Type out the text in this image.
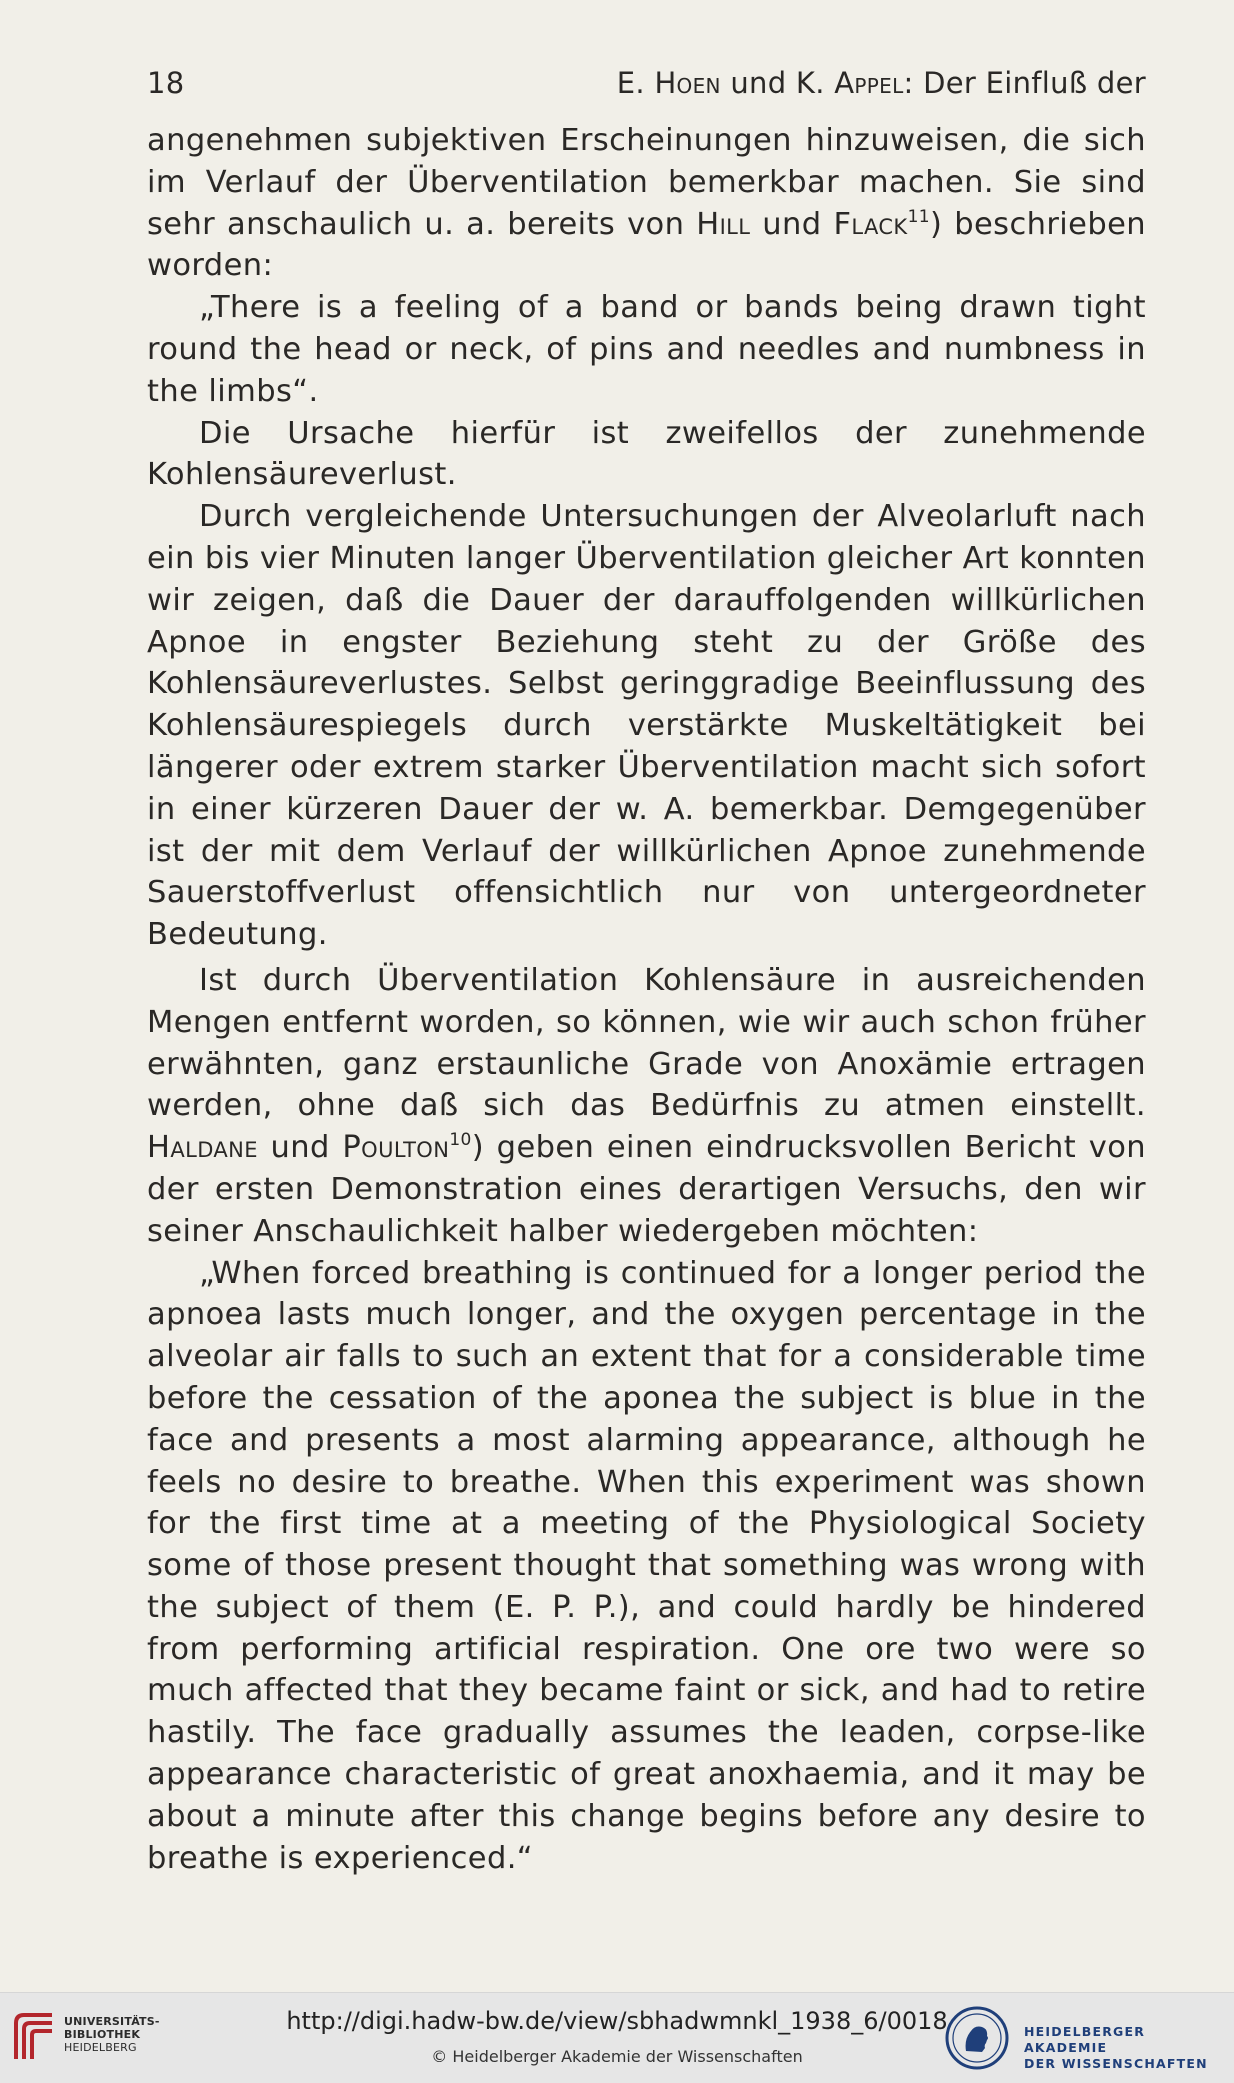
18	E. Hoen und K. Appel: Der Einfluß der

angenehmen subjektiven Erscheinungen hinzuweisen, die sich im Verlauf der Überventilation bemerkbar machen. Sie sind sehr anschaulich u. a. bereits von Hill und Flack$^{11}$) beschrieben worden:

„There is a feeling of a band or bands being drawn tight round the head or neck, of pins and needles and numbness in the limbs“.

Die Ursache hierfür ist zweifellos der zunehmende Kohlensäureverlust.

Durch vergleichende Untersuchungen der Alveolarluft nach ein bis vier Minuten langer Überventilation gleicher Art konnten wir zeigen, daß die Dauer der darauffolgenden willkürlichen Apnoe in engster Beziehung steht zu der Größe des Kohlensäureverlustes. Selbst geringgradige Beeinflussung des Kohlensäurespiegels durch verstärkte Muskeltätigkeit bei längerer oder extrem starker Überventilation macht sich sofort in einer kürzeren Dauer der w. A. bemerkbar. Demgegenüber ist der mit dem Verlauf der willkürlichen Apnoe zunehmende Sauerstoffverlust offensichtlich nur von untergeordneter Bedeutung.

Ist durch Überventilation Kohlensäure in ausreichenden Mengen entfernt worden, so können, wie wir auch schon früher erwähnten, ganz erstaunliche Grade von Anoxämie ertragen werden, ohne daß sich das Bedürfnis zu atmen einstellt. Haldane und Poulton$^{10}$) geben einen eindrucksvollen Bericht von der ersten Demonstration eines derartigen Versuchs, den wir seiner Anschaulichkeit halber wiedergeben möchten:

„When forced breathing is continued for a longer period the apnoea lasts much longer, and the oxygen percentage in the alveolar air falls to such an extent that for a considerable time before the cessation of the aponea the subject is blue in the face and presents a most alarming appearance, although he feels no desire to breathe. When this experiment was shown for the first time at a meeting of the Physiological Society some of those present thought that something was wrong with the subject of them (E. P. P.), and could hardly be hindered from performing artificial respiration. One ore two were so much affected that they became faint or sick, and had to retire hastily. The face gradually assumes the leaden, corpse-like appearance characteristic of great anoxhaemia, and it may be about a minute after this change begins before any desire to breathe is experienced.“

UNIVERSITÄTS-
BIBLIOTHEK
HEIDELBERG
http://digi.hadw-bw.de/view/sbhadwmnkl_1938_6/0018
© Heidelberger Akademie der Wissenschaften
HEIDELBERGER AKADEMIE
DER WISSENSCHAFTEN
